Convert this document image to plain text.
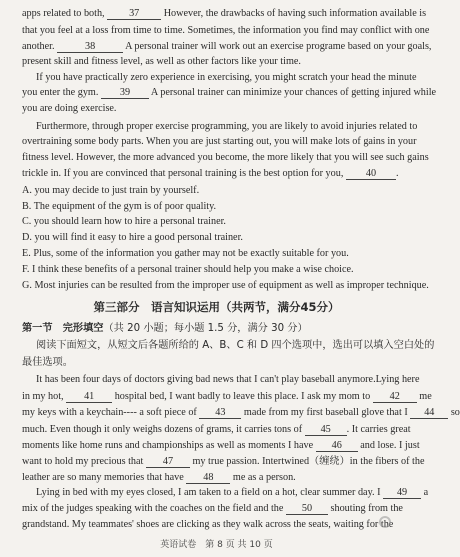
apps related to both, 37 However, the drawbacks of having such information available is
that you feel at a loss from time to time. Sometimes, the information you find may conflict with one
another.	38	A personal trainer will work out an exercise programe based on your goals,
present skill and fitness level, as well as other factors like your time.
If you have practically zero experience in exercising, you might scratch your head the minute
you enter the gym. 39 A personal trainer can minimize your chances of getting injured while
you are doing exercise.
Furthermore, through proper exercise programming, you are likely to avoid injuries related to
overtraining some body parts. When you are just starting out, you will make lots of gains in your
fitness level. However, the more advanced you become, the more likely that you will see such gains
trickle in. If you are convinced that personal training is the best option for you, 40 .
A. you may decide to just train by yourself.
B. The equipment of the gym is of poor quality.
C. you should learn how to hire a personal trainer.
D. you will find it easy to hire a good personal trainer.
E. Plus, some of the information you gather may not be exactly suitable for you.
F. I think these benefits of a personal trainer should help you make a wise choice.
G. Most injuries can be resulted from the improper use of equipment as well as improper technique.
第三部分　语言知识运用（共两节，满分45分）
第一节　完形填空（共 20 小题；每小题 1.5 分，满分 30 分）
阅读下面短文，从短文后各题所给的 A、B、C 和 D 四个选项中，选出可以填入空白处的
最佳选项。
It has been four days of doctors giving bad news that I can't play baseball anymore.Lying here
in my hot, 41 hospital bed, I want badly to leave this place. I ask my mom to 42 me
my keys with a keychain---- a soft piece of 43 made from my first baseball glove that I 44 so
much. Even though it only weighs dozens of grams, it carries tons of 45 . It carries great
moments like home runs and championships as well as moments I have 46 and lose. I just
want to hold my precious that 47 my true passion. Intertwined（缠绕）in the fibers of the
leather are so many memories that have 48 me as a person.
Lying in bed with my eyes closed, I am taken to a field on a hot, clear summer day. I 49 a
mix of the judges speaking with the coaches on the field and the 50 shouting from the
grandstand. My teammates' shoes are clicking as they walk across the seats, waiting for the
英语试卷　第 8 页 共 10 页
